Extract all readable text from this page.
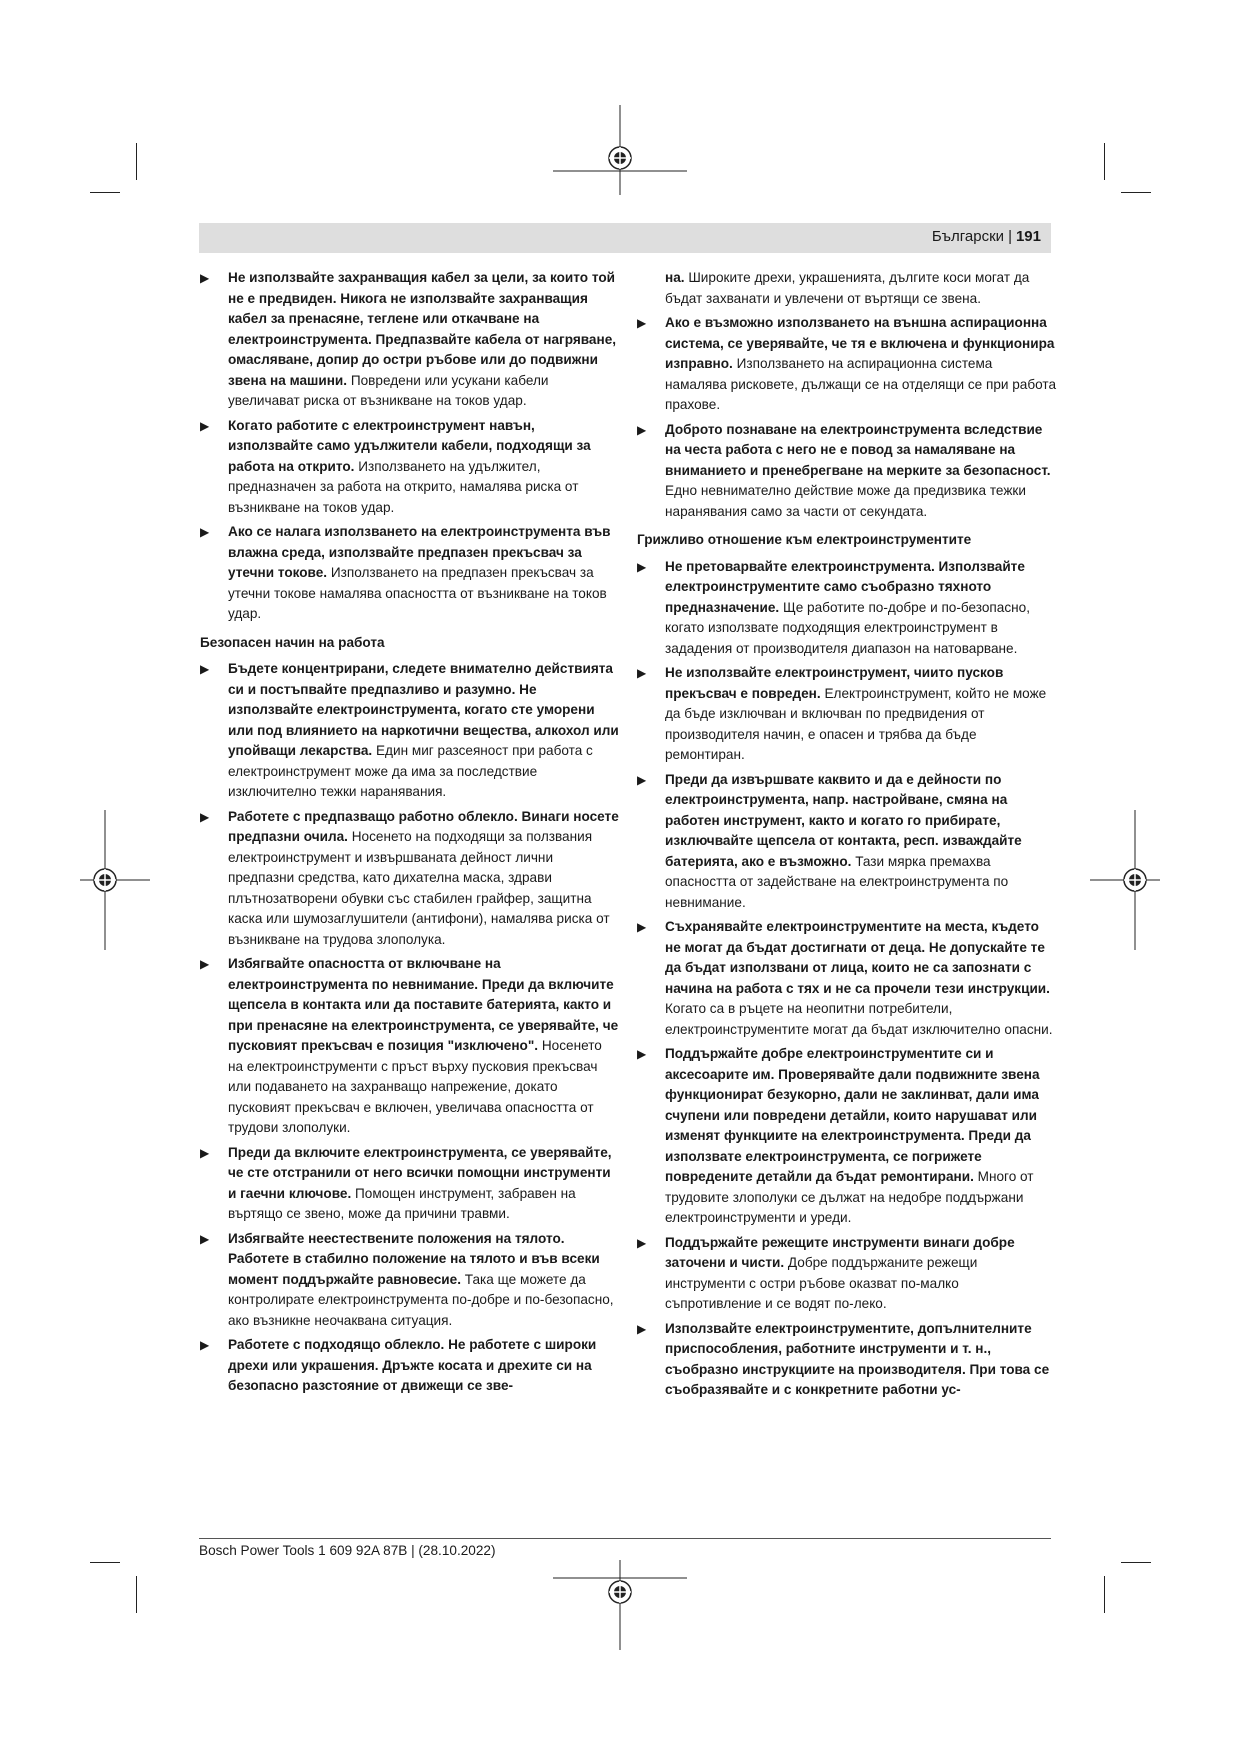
Български | 191
▶ Не използвайте захранващия кабел за цели, за които той не е предвиден. Никога не използвайте захранващия кабел за пренасяне, теглене или откачване на електроинструмента. Предпазвайте кабела от нагряване, омасляване, допир до остри ръбове или до подвижни звена на машини. Повредени или усукани кабели увеличават риска от възникване на токов удар.
▶ Когато работите с електроинструмент навън, използвайте само удължители кабели, подходящи за работа на открито. Използването на удължител, предназначен за работа на открито, намалява риска от възникване на токов удар.
▶ Ако се налага използването на електроинструмента във влажна среда, използвайте предпазен прекъсвач за утечни токове. Използването на предпазен прекъсвач за утечни токове намалява опасността от възникване на токов удар.
Безопасен начин на работа
▶ Бъдете концентрирани, следете внимателно действията си и постъпвайте предпазливо и разумно. Не използвайте електроинструмента, когато сте уморени или под влиянието на наркотични вещества, алкохол или упойващи лекарства. Един миг разсеяност при работа с електроинструмент може да има за последствие изключително тежки наранявания.
▶ Работете с предпазващо работно облекло. Винаги носете предпазни очила. Носенето на подходящи за ползвания електроинструмент и извършваната дейност лични предпазни средства, като дихателна маска, здрави плътнозатворени обувки със стабилен грайфер, защитна каска или шумозаглушители (антифони), намалява риска от възникване на трудова злополука.
▶ Избягвайте опасността от включване на електроинструмента по невнимание. Преди да включите щепсела в контакта или да поставите батерията, както и при пренасяне на електроинструмента, се уверявайте, че пусковият прекъсвач е позиция "изключено". Носенето на електроинструменти с пръст върху пусковия прекъсвач или подаването на захранващо напрежение, докато пусковият прекъсвач е включен, увеличава опасността от трудови злополуки.
▶ Преди да включите електроинструмента, се уверявайте, че сте отстранили от него всички помощни инструменти и гаечни ключове. Помощен инструмент, забравен на въртящо се звено, може да причини травми.
▶ Избягвайте неестествените положения на тялото. Работете в стабилно положение на тялото и във всеки момент поддържайте равновесие. Така ще можете да контролирате електроинструмента по-добре и по-безопасно, ако възникне неочаквана ситуация.
▶ Работете с подходящо облекло. Не работете с широки дрехи или украшения. Дръжте косата и дрехите си на безопасно разстояние от движещи се зве-
на. Широките дрехи, украшенията, дългите коси могат да бъдат захванати и увлечени от въртящи се звена.
▶ Ако е възможно използването на външна аспирационна система, се уверявайте, че тя е включена и функционира изправно. Използването на аспирационна система намалява рисковете, дължащи се на отделящи се при работа прахове.
▶ Доброто познаване на електроинструмента вследствие на честа работа с него не е повод за намаляване на вниманието и пренебрегване на мерките за безопасност. Едно невнимателно действие може да предизвика тежки наранявания само за части от секундата.
Грижливо отношение към електроинструментите
▶ Не претоварвайте електроинструмента. Използвайте електроинструментите само съобразно тяхното предназначение. Ще работите по-добре и по-безопасно, когато използвате подходящия електроинструмент в зададения от производителя диапазон на натоварване.
▶ Не използвайте електроинструмент, чиито пусков прекъсвач е повреден. Електроинструмент, който не може да бъде изключван и включван по предвидения от производителя начин, е опасен и трябва да бъде ремонтиран.
▶ Преди да извършвате каквито и да е дейности по електроинструмента, напр. настройване, смяна на работен инструмент, както и когато го прибирате, изключвайте щепсела от контакта, респ. изваждайте батерията, ако е възможно. Тази мярка премахва опасността от задействане на електроинструмента по невнимание.
▶ Съхранявайте електроинструментите на места, където не могат да бъдат достигнати от деца. Не допускайте те да бъдат използвани от лица, които не са запознати с начина на работа с тях и не са прочели тези инструкции. Когато са в ръцете на неопитни потребители, електроинструментите могат да бъдат изключително опасни.
▶ Поддържайте добре електроинструментите си и аксесоарите им. Проверявайте дали подвижните звена функционират безукорно, дали не заклинват, дали има счупени или повредени детайли, които нарушават или изменят функциите на електроинструмента. Преди да използвате електроинструмента, се погрижете повредените детайли да бъдат ремонтирани. Много от трудовите злополуки се дължат на недобре поддържани електроинструменти и уреди.
▶ Поддържайте режещите инструменти винаги добре заточени и чисти. Добре поддържаните режещи инструменти с остри ръбове оказват по-малко съпротивление и се водят по-леко.
▶ Използвайте електроинструментите, допълнителните приспособления, работните инструменти и т. н., съобразно инструкциите на производителя. При това се съобразявайте и с конкретните работни ус-
Bosch Power Tools 1 609 92A 87B | (28.10.2022)
